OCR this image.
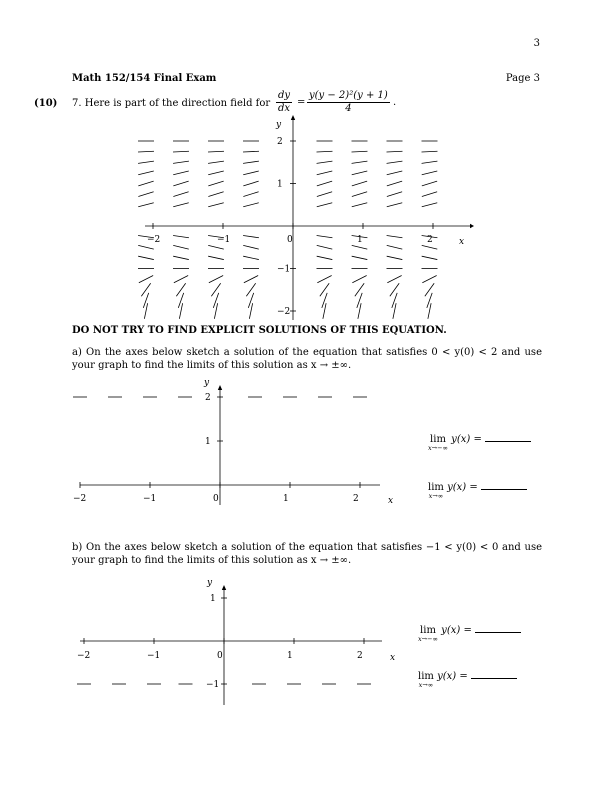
3
Math 152/154 Final Exam	Page 3
(10) 7. Here is part of the direction field for $\frac{dy}{dx} = \frac{\text{y(y − 2)²(y + 1)}}{4}$ .
x
y
−2	−1	0	1	2
2
1
−1
−2
DO NOT TRY TO FIND EXPLICIT SOLUTIONS OF THIS EQUATION.
a) On the axes below sketch a solution of the equation that satisfies 0 < y(0) < 2 and use your graph to find the limits of this solution as x → ±∞.
x
y
−2	−1	0	1	2
2
1	lim
x→−∞
y(x) =
lim
x→∞
y(x) =
b) On the axes below sketch a solution of the equation that satisfies −1 < y(0) < 0 and use your graph to find the limits of this solution as x → ±∞.
x
y
−2	−1	0	1	2
1
−1
lim
x→−∞
y(x) =
lim
x→∞
y(x) =
